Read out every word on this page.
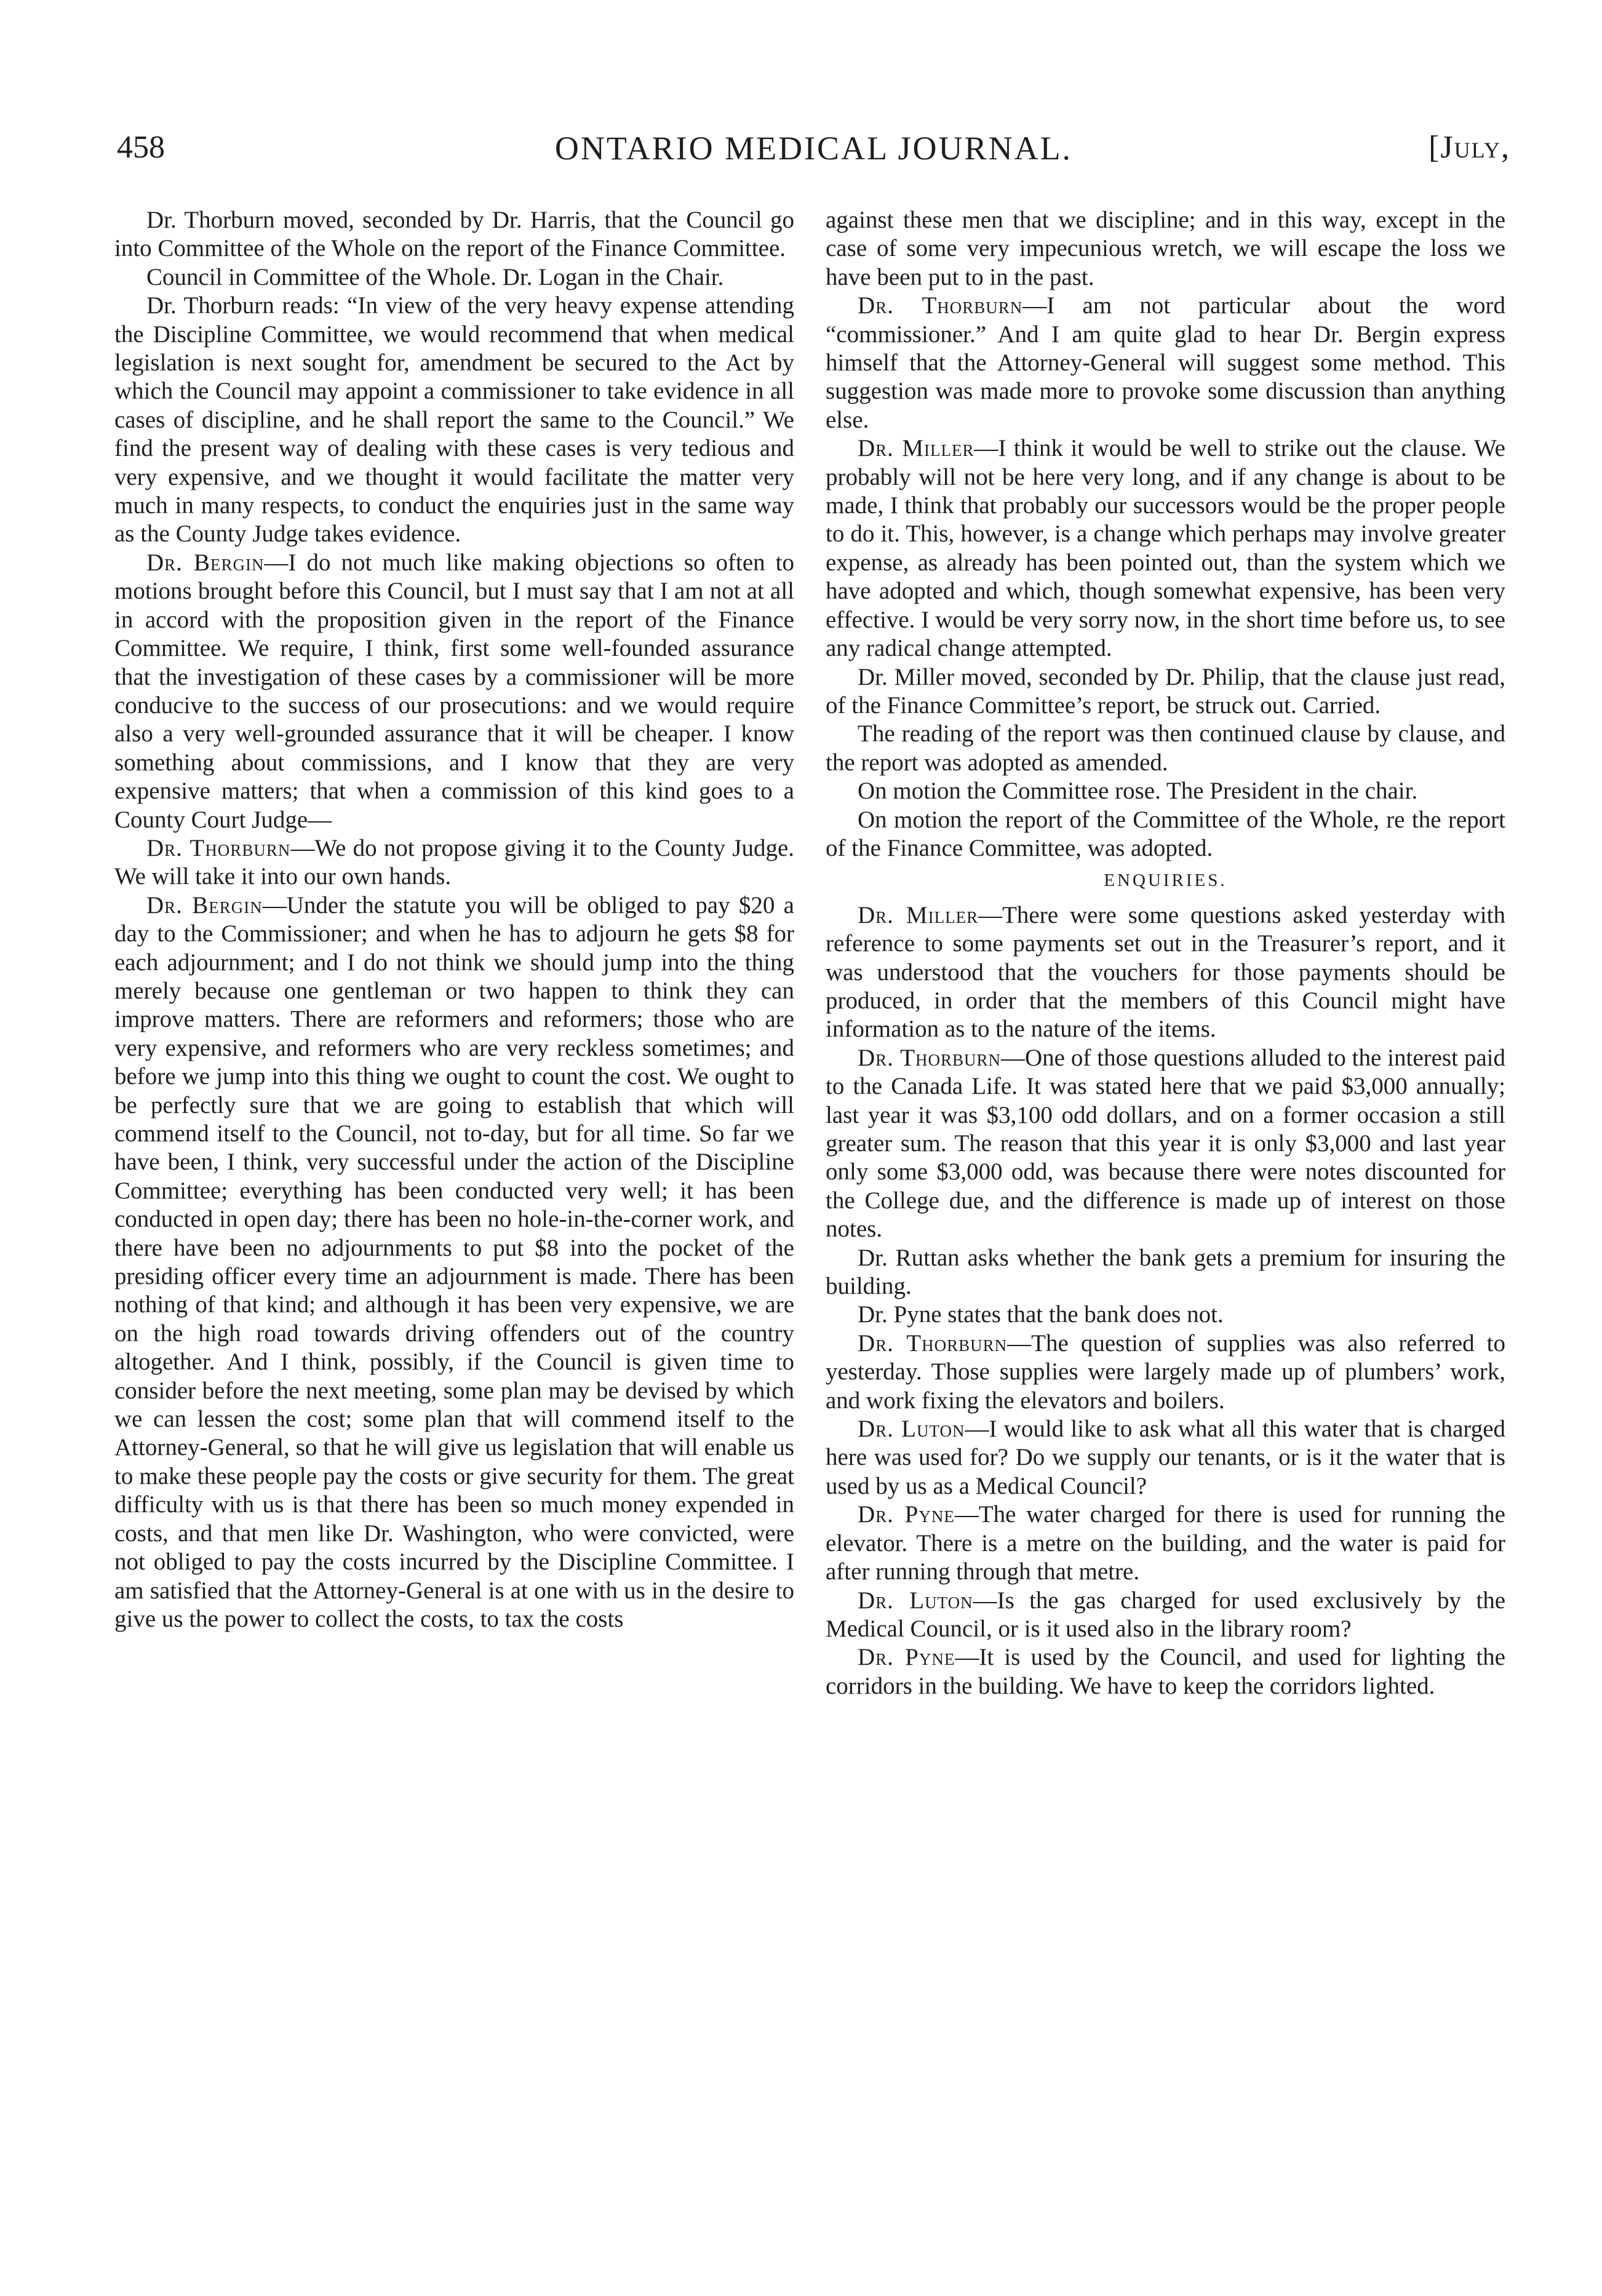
458	ONTARIO MEDICAL JOURNAL.	[July,

Dr. Thorburn moved, seconded by Dr. Harris, that the Council go into Committee of the Whole on the report of the Finance Committee.

Council in Committee of the Whole. Dr. Logan in the Chair.

Dr. Thorburn reads: “In view of the very heavy expense attending the Discipline Committee, we would recommend that when medical legislation is next sought for, amendment be secured to the Act by which the Council may appoint a commissioner to take evidence in all cases of discipline, and he shall report the same to the Council.” We find the present way of dealing with these cases is very tedious and very expensive, and we thought it would facilitate the matter very much in many respects, to conduct the enquiries just in the same way as the County Judge takes evidence.

Dr. Bergin—I do not much like making objections so often to motions brought before this Council, but I must say that I am not at all in accord with the proposition given in the report of the Finance Committee. We require, I think, first some well-founded assurance that the investigation of these cases by a commissioner will be more conducive to the success of our prosecutions: and we would require also a very well-grounded assurance that it will be cheaper. I know something about commissions, and I know that they are very expensive matters; that when a commission of this kind goes to a County Court Judge—

Dr. Thorburn—We do not propose giving it to the County Judge. We will take it into our own hands.

Dr. Bergin—Under the statute you will be obliged to pay $20 a day to the Commissioner; and when he has to adjourn he gets $8 for each adjournment; and I do not think we should jump into the thing merely because one gentleman or two happen to think they can improve matters. There are reformers and reformers; those who are very expensive, and reformers who are very reckless sometimes; and before we jump into this thing we ought to count the cost. We ought to be perfectly sure that we are going to establish that which will commend itself to the Council, not to-day, but for all time. So far we have been, I think, very successful under the action of the Discipline Committee; everything has been conducted very well; it has been conducted in open day; there has been no hole-in-the-corner work, and there have been no adjournments to put $8 into the pocket of the presiding officer every time an adjournment is made. There has been nothing of that kind; and although it has been very expensive, we are on the high road towards driving offenders out of the country altogether. And I think, possibly, if the Council is given time to consider before the next meeting, some plan may be devised by which we can lessen the cost; some plan that will commend itself to the Attorney-General, so that he will give us legislation that will enable us to make these people pay the costs or give security for them. The great difficulty with us is that there has been so much money expended in costs, and that men like Dr. Washington, who were convicted, were not obliged to pay the costs incurred by the Discipline Committee. I am satisfied that the Attorney-General is at one with us in the desire to give us the power to collect the costs, to tax the costs

against these men that we discipline; and in this way, except in the case of some very impecunious wretch, we will escape the loss we have been put to in the past.

Dr. Thorburn—I am not particular about the word “commissioner.” And I am quite glad to hear Dr. Bergin express himself that the Attorney-General will suggest some method. This suggestion was made more to provoke some discussion than anything else.

Dr. Miller—I think it would be well to strike out the clause. We probably will not be here very long, and if any change is about to be made, I think that probably our successors would be the proper people to do it. This, however, is a change which perhaps may involve greater expense, as already has been pointed out, than the system which we have adopted and which, though somewhat expensive, has been very effective. I would be very sorry now, in the short time before us, to see any radical change attempted.

Dr. Miller moved, seconded by Dr. Philip, that the clause just read, of the Finance Committee’s report, be struck out. Carried.

The reading of the report was then continued clause by clause, and the report was adopted as amended.

On motion the Committee rose. The President in the chair.

On motion the report of the Committee of the Whole, re the report of the Finance Committee, was adopted.

ENQUIRIES.

Dr. Miller—There were some questions asked yesterday with reference to some payments set out in the Treasurer’s report, and it was understood that the vouchers for those payments should be produced, in order that the members of this Council might have information as to the nature of the items.

Dr. Thorburn—One of those questions alluded to the interest paid to the Canada Life. It was stated here that we paid $3,000 annually; last year it was $3,100 odd dollars, and on a former occasion a still greater sum. The reason that this year it is only $3,000 and last year only some $3,000 odd, was because there were notes discounted for the College due, and the difference is made up of interest on those notes.

Dr. Ruttan asks whether the bank gets a premium for insuring the building.

Dr. Pyne states that the bank does not.

Dr. Thorburn—The question of supplies was also referred to yesterday. Those supplies were largely made up of plumbers’ work, and work fixing the elevators and boilers.

Dr. Luton—I would like to ask what all this water that is charged here was used for? Do we supply our tenants, or is it the water that is used by us as a Medical Council?

Dr. Pyne—The water charged for there is used for running the elevator. There is a metre on the building, and the water is paid for after running through that metre.

Dr. Luton—Is the gas charged for used exclusively by the Medical Council, or is it used also in the library room?

Dr. Pyne—It is used by the Council, and used for lighting the corridors in the building. We have to keep the corridors lighted.
